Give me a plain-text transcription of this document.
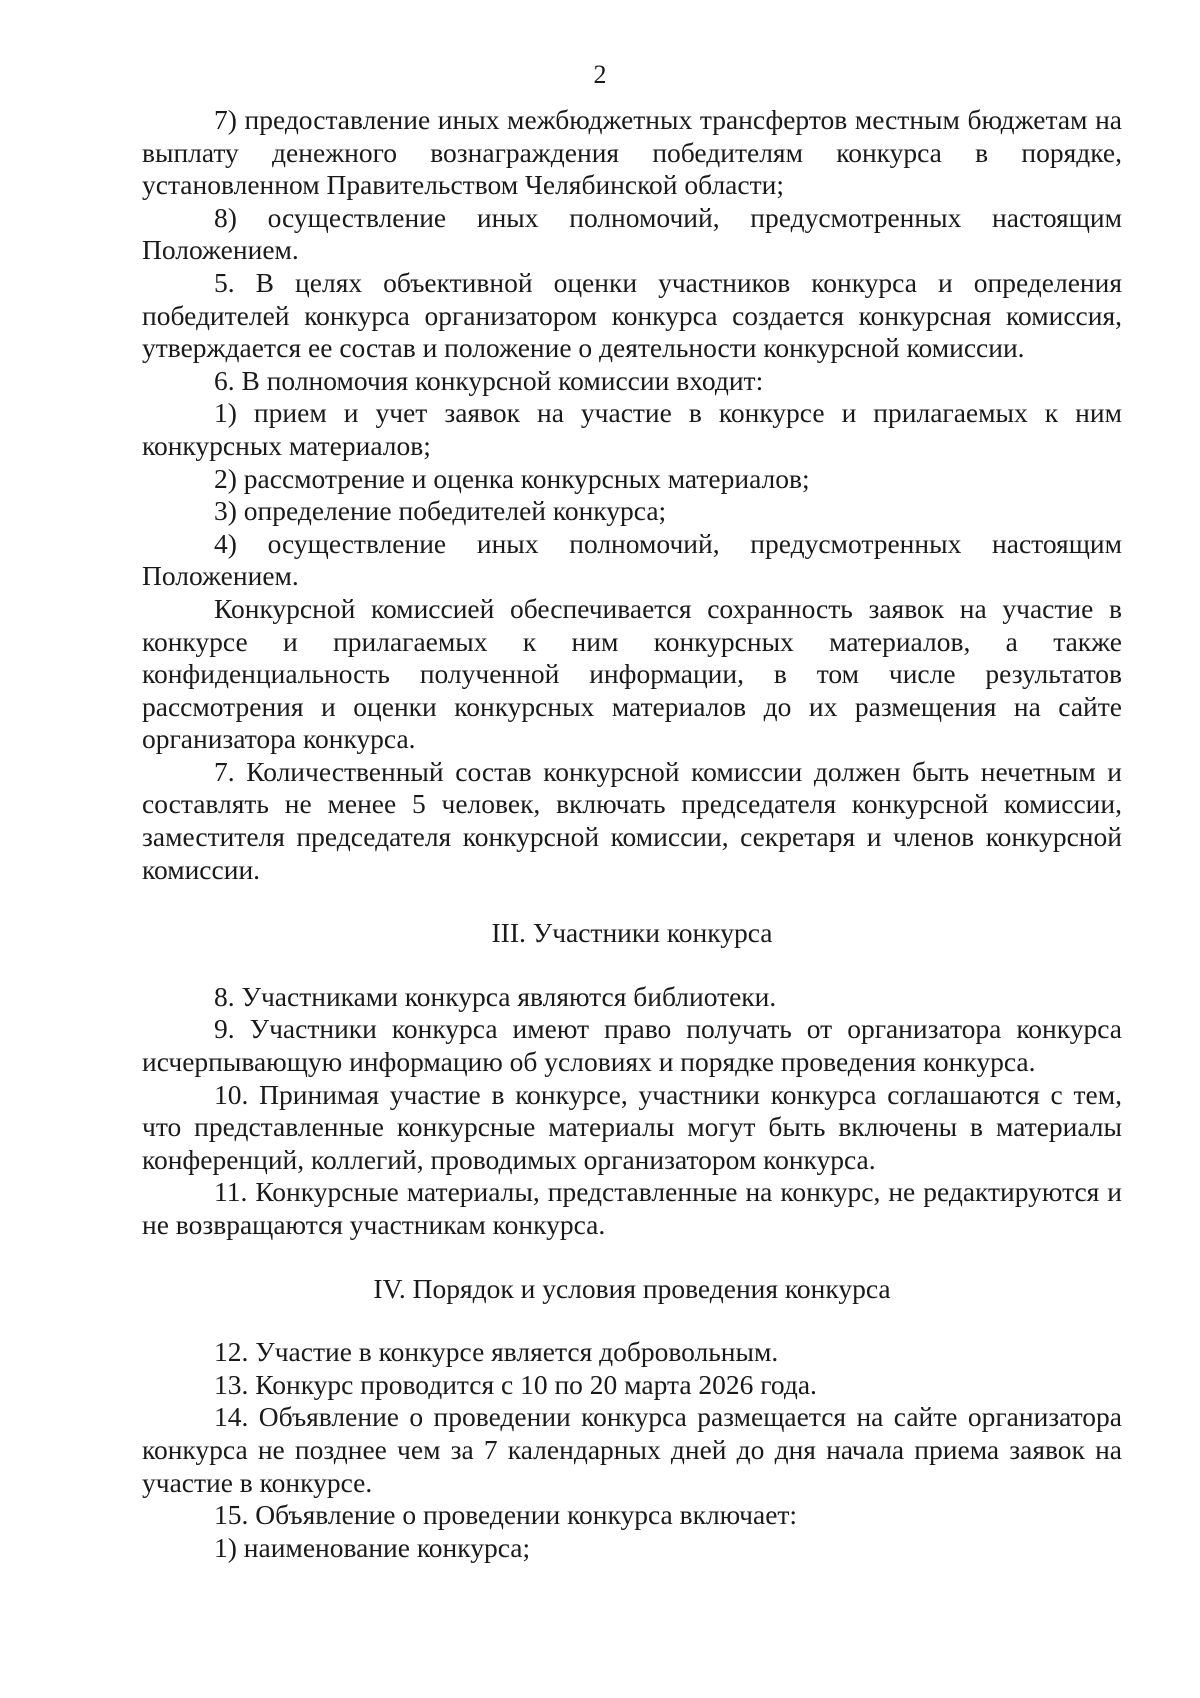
2

7) предоставление иных межбюджетных трансфертов местным бюджетам на выплату денежного вознаграждения победителям конкурса в порядке, установленном Правительством Челябинской области;

8) осуществление иных полномочий, предусмотренных настоящим Положением.

5. В целях объективной оценки участников конкурса и определения победителей конкурса организатором конкурса создается конкурсная комиссия, утверждается ее состав и положение о деятельности конкурсной комиссии.

6. В полномочия конкурсной комиссии входит:

1) прием и учет заявок на участие в конкурсе и прилагаемых к ним конкурсных материалов;

2) рассмотрение и оценка конкурсных материалов;

3) определение победителей конкурса;

4) осуществление иных полномочий, предусмотренных настоящим Положением.

Конкурсной комиссией обеспечивается сохранность заявок на участие в конкурсе и прилагаемых к ним конкурсных материалов, а также конфиденциальность полученной информации, в том числе результатов рассмотрения и оценки конкурсных материалов до их размещения на сайте организатора конкурса.

7. Количественный состав конкурсной комиссии должен быть нечетным и составлять не менее 5 человек, включать председателя конкурсной комиссии, заместителя председателя конкурсной комиссии, секретаря и членов конкурсной комиссии.

III. Участники конкурса

8. Участниками конкурса являются библиотеки.

9. Участники конкурса имеют право получать от организатора конкурса исчерпывающую информацию об условиях и порядке проведения конкурса.

10. Принимая участие в конкурсе, участники конкурса соглашаются с тем, что представленные конкурсные материалы могут быть включены в материалы конференций, коллегий, проводимых организатором конкурса.

11. Конкурсные материалы, представленные на конкурс, не редактируются и не возвращаются участникам конкурса.

IV. Порядок и условия проведения конкурса

12. Участие в конкурсе является добровольным.

13. Конкурс проводится с 10 по 20 марта 2026 года.

14. Объявление о проведении конкурса размещается на сайте организатора конкурса не позднее чем за 7 календарных дней до дня начала приема заявок на участие в конкурсе.

15. Объявление о проведении конкурса включает:

1) наименование конкурса;
